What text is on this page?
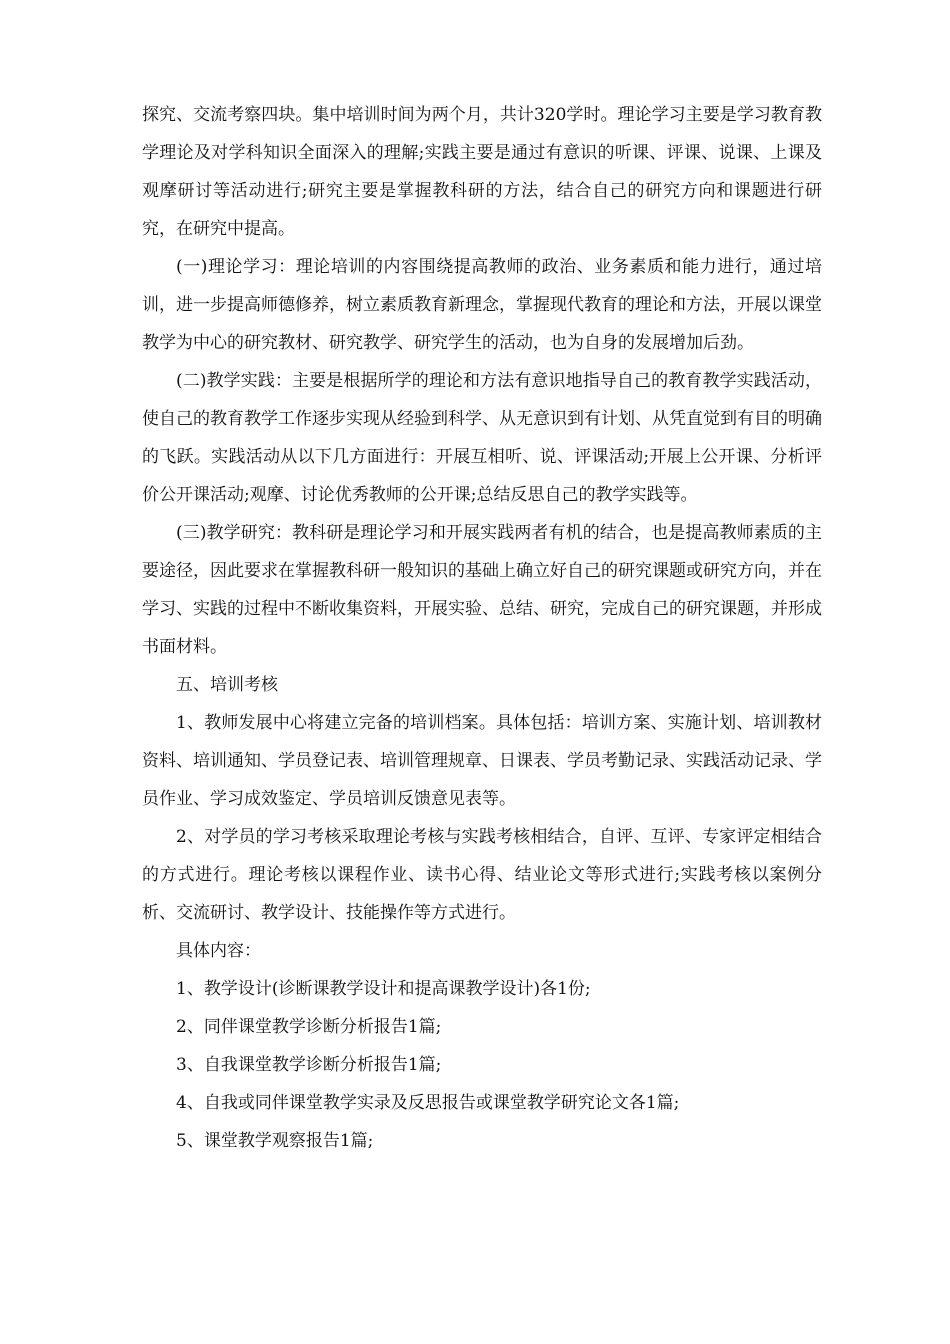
探究、交流考察四块。集中培训时间为两个月，共计320学时。理论学习主要是学习教育教学理论及对学科知识全面深入的理解;实践主要是通过有意识的听课、评课、说课、上课及观摩研讨等活动进行;研究主要是掌握教科研的方法，结合自己的研究方向和课题进行研究，在研究中提高。

(一)理论学习：理论培训的内容围绕提高教师的政治、业务素质和能力进行，通过培训，进一步提高师德修养，树立素质教育新理念，掌握现代教育的理论和方法，开展以课堂教学为中心的研究教材、研究教学、研究学生的活动，也为自身的发展增加后劲。

(二)教学实践：主要是根据所学的理论和方法有意识地指导自己的教育教学实践活动，使自己的教育教学工作逐步实现从经验到科学、从无意识到有计划、从凭直觉到有目的明确的飞跃。实践活动从以下几方面进行：开展互相听、说、评课活动;开展上公开课、分析评价公开课活动;观摩、讨论优秀教师的公开课;总结反思自己的教学实践等。

(三)教学研究：教科研是理论学习和开展实践两者有机的结合，也是提高教师素质的主要途径，因此要求在掌握教科研一般知识的基础上确立好自己的研究课题或研究方向，并在学习、实践的过程中不断收集资料，开展实验、总结、研究，完成自己的研究课题，并形成书面材料。

五、培训考核

1、教师发展中心将建立完备的培训档案。具体包括：培训方案、实施计划、培训教材资料、培训通知、学员登记表、培训管理规章、日课表、学员考勤记录、实践活动记录、学员作业、学习成效鉴定、学员培训反馈意见表等。

2、对学员的学习考核采取理论考核与实践考核相结合，自评、互评、专家评定相结合的方式进行。理论考核以课程作业、读书心得、结业论文等形式进行;实践考核以案例分析、交流研讨、教学设计、技能操作等方式进行。

具体内容：

1、教学设计(诊断课教学设计和提高课教学设计)各1份;

2、同伴课堂教学诊断分析报告1篇;

3、自我课堂教学诊断分析报告1篇;

4、自我或同伴课堂教学实录及反思报告或课堂教学研究论文各1篇;

5、课堂教学观察报告1篇;
